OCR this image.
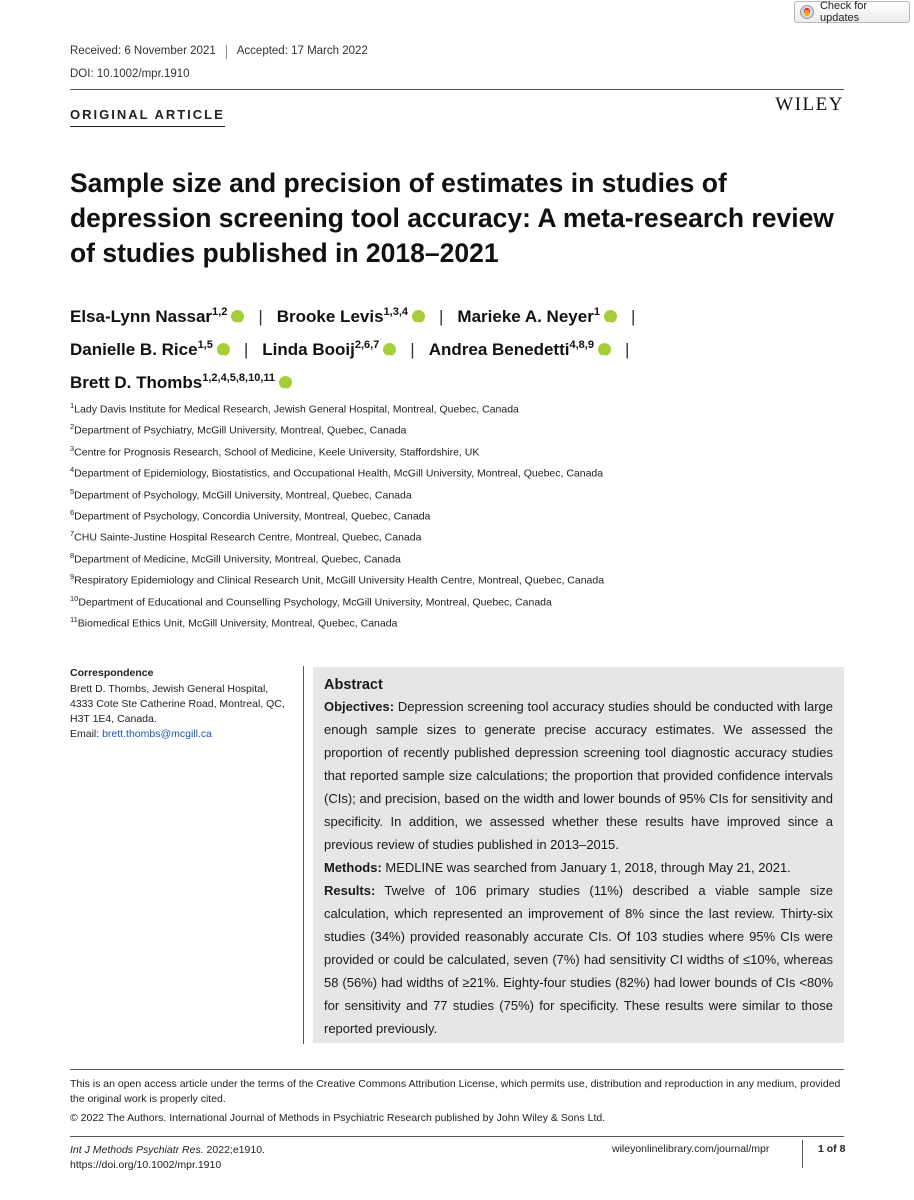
Check for updates
Received: 6 November 2021 Accepted: 17 March 2022
DOI: 10.1002/mpr.1910
ORIGINAL ARTICLE	WILEY
Sample size and precision of estimates in studies of depression screening tool accuracy: A meta-research review of studies published in 2018–2021
Elsa-Lynn Nassar$^{1,2}$ iD | Brooke Levis$^{1,3,4}$ iD | Marieke A. Neyer$^1$ iD |
Danielle B. Rice$^{1,5}$ iD | Linda Booij$^{2,6,7}$ iD | Andrea Benedetti$^{4,8,9}$ iD |
Brett D. Thombs$^{1,2,4,5,8,10,11}$iD
$^1$Lady Davis Institute for Medical Research, Jewish General Hospital, Montreal, Quebec, Canada
$^2$Department of Psychiatry, McGill University, Montreal, Quebec, Canada
$^3$Centre for Prognosis Research, School of Medicine, Keele University, Staffordshire, UK
$^4$Department of Epidemiology, Biostatistics, and Occupational Health, McGill University, Montreal, Quebec, Canada
$^5$Department of Psychology, McGill University, Montreal, Quebec, Canada
$^6$Department of Psychology, Concordia University, Montreal, Quebec, Canada
$^7$CHU Sainte-Justine Hospital Research Centre, Montreal, Quebec, Canada
$^8$Department of Medicine, McGill University, Montreal, Quebec, Canada
$^9$Respiratory Epidemiology and Clinical Research Unit, McGill University Health Centre, Montreal, Quebec, Canada
$^{10}$Department of Educational and Counselling Psychology, McGill University, Montreal, Quebec, Canada
$^{11}$Biomedical Ethics Unit, McGill University, Montreal, Quebec, Canada
Correspondence
Brett D. Thombs, Jewish General Hospital,
4333 Cote Ste Catherine Road, Montreal, QC,
H3T 1E4, Canada.
Email: brett.thombs@mcgill.ca
Abstract

Objectives: Depression screening tool accuracy studies should be conducted with large enough sample sizes to generate precise accuracy estimates. We assessed the proportion of recently published depression screening tool diagnostic accuracy studies that reported sample size calculations; the proportion that provided confidence intervals (CIs); and precision, based on the width and lower bounds of 95% CIs for sensitivity and specificity. In addition, we assessed whether these results have improved since a previous review of studies published in 2013–2015.

Methods: MEDLINE was searched from January 1, 2018, through May 21, 2021.

Results: Twelve of 106 primary studies (11%) described a viable sample size calculation, which represented an improvement of 8% since the last review. Thirty-six studies (34%) provided reasonably accurate CIs. Of 103 studies where 95% CIs were provided or could be calculated, seven (7%) had sensitivity CI widths of ≤10%, whereas 58 (56%) had widths of ≥21%. Eighty-four studies (82%) had lower bounds of CIs <80% for sensitivity and 77 studies (75%) for specificity. These results were similar to those reported previously.

This is an open access article under the terms of the Creative Commons Attribution License, which permits use, distribution and reproduction in any medium, provided the original work is properly cited.
© 2022 The Authors. International Journal of Methods in Psychiatric Research published by John Wiley & Sons Ltd.
Int J Methods Psychiatr Res. 2022;e1910.
https://doi.org/10.1002/mpr.1910
wileyonlinelibrary.com/journal/mpr	1 of 8
